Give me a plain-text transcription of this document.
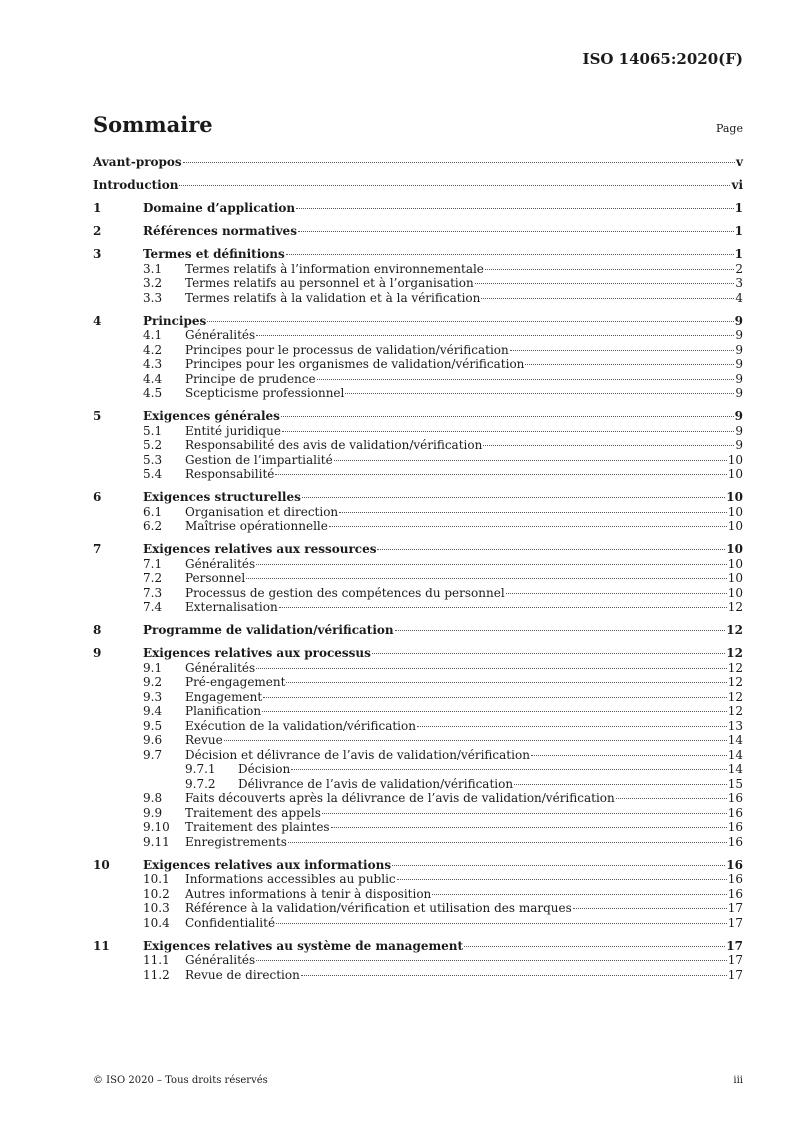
ISO 14065:2020(F)
Sommaire	Page
Avant-propos	v
Introduction	vi
1	Domaine d’application	1
2	Références normatives	1
3	Termes et définitions	1
3.1	Termes relatifs à l’information environnementale	2
3.2	Termes relatifs au personnel et à l’organisation	3
3.3	Termes relatifs à la validation et à la vérification	4
4	Principes	9
4.1	Généralités	9
4.2	Principes pour le processus de validation/vérification	9
4.3	Principes pour les organismes de validation/vérification	9
4.4	Principe de prudence	9
4.5	Scepticisme professionnel	9
5	Exigences générales	9
5.1	Entité juridique	9
5.2	Responsabilité des avis de validation/vérification	9
5.3	Gestion de l’impartialité	10
5.4	Responsabilité	10
6	Exigences structurelles	10
6.1	Organisation et direction	10
6.2	Maîtrise opérationnelle	10
7	Exigences relatives aux ressources	10
7.1	Généralités	10
7.2	Personnel	10
7.3	Processus de gestion des compétences du personnel	10
7.4	Externalisation	12
8	Programme de validation/vérification	12
9	Exigences relatives aux processus	12
9.1	Généralités	12
9.2	Pré-engagement	12
9.3	Engagement	12
9.4	Planification	12
9.5	Exécution de la validation/vérification	13
9.6	Revue	14
9.7	Décision et délivrance de l’avis de validation/vérification	14
9.7.1	Décision	14
9.7.2	Délivrance de l’avis de validation/vérification	15
9.8	Faits découverts après la délivrance de l’avis de validation/vérification	16
9.9	Traitement des appels	16
9.10	Traitement des plaintes	16
9.11	Enregistrements	16
10	Exigences relatives aux informations	16
10.1	Informations accessibles au public	16
10.2	Autres informations à tenir à disposition	16
10.3	Référence à la validation/vérification et utilisation des marques	17
10.4	Confidentialité	17
11	Exigences relatives au système de management	17
11.1	Généralités	17
11.2	Revue de direction	17
© ISO 2020 – Tous droits réservés	iii
